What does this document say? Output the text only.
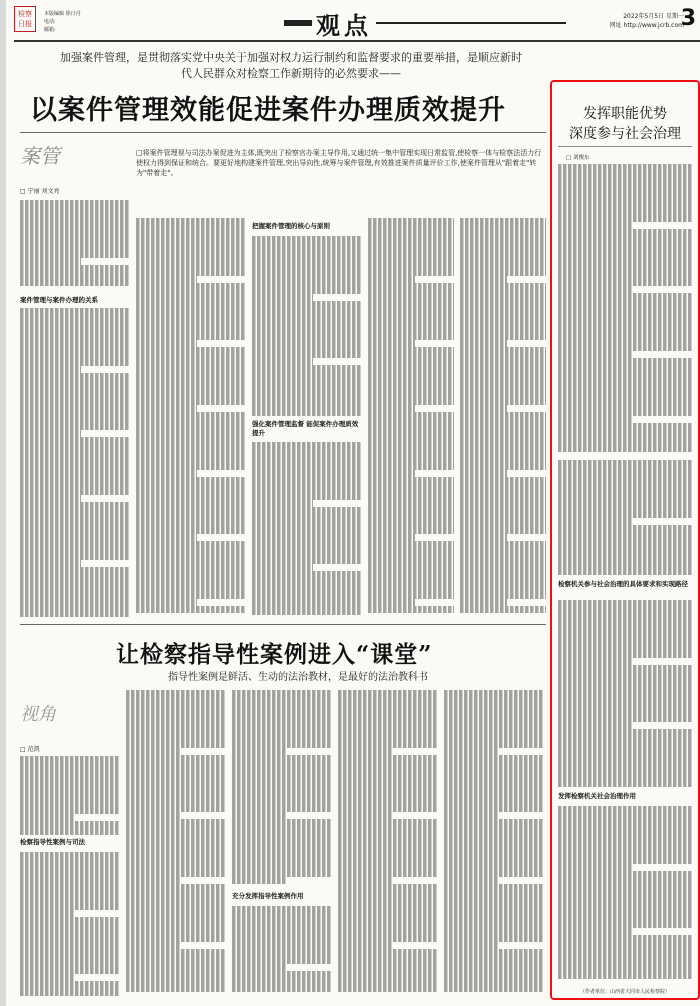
检察日报
本版编辑 徐日丹
电话:
邮箱:	观点	2022年5月5日 星期一
网址 http://www.jcrb.com
3
加强案件管理，是贯彻落实党中央关于加强对权力运行制约和监督要求的重要举措，是顺应新时代人民群众对检察工作新期待的必然要求——
以案件管理效能促进案件办理质效提升
案管
□ 宁丽 刘文亮
□将案件管理视与司法办案促进为主体,既突出了检察官办案主导作用,又通过统一集中管理实现日常监管,使检察一体与检察法活力行使权力得到保证和统合。要更好地构建案件管理,突出导向性,统筹与案件管理,有效推进案件质量评价工作,使案件管理从"跟着走"转为"带着走"。
案件管理与案件办理的关系
把握案件管理的核心与原则
强化案件管理监督 能促案件办理质效提升
让检察指导性案例进入“课堂”
指导性案例是鲜活、生动的法治教材，是最好的法治教科书
视角
□ 范凯
检察指导性案例与司法
充分发挥指导性案例作用
发挥职能优势
深度参与社会治理
□ 刘俊东
检察机关参与社会治理的具体要求和实现路径
发挥检察机关社会治理作用
（作者单位：山西省大同市人民检察院）
